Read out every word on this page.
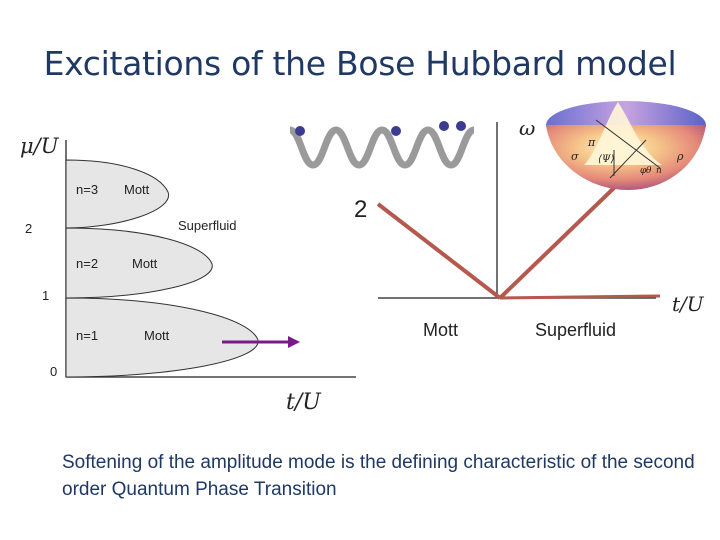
Excitations of the Bose Hubbard model
μ/U
2
1
0
n=3 Mott
Superfluid
n=2	Mott
n=1	Mott
t/U
ω
2
t/U
Mott	Superfluid
π
σ ⟨Ψ⟩	ρ
φ θ n
Softening of the amplitude mode is the defining characteristic of the second order Quantum Phase Transition
